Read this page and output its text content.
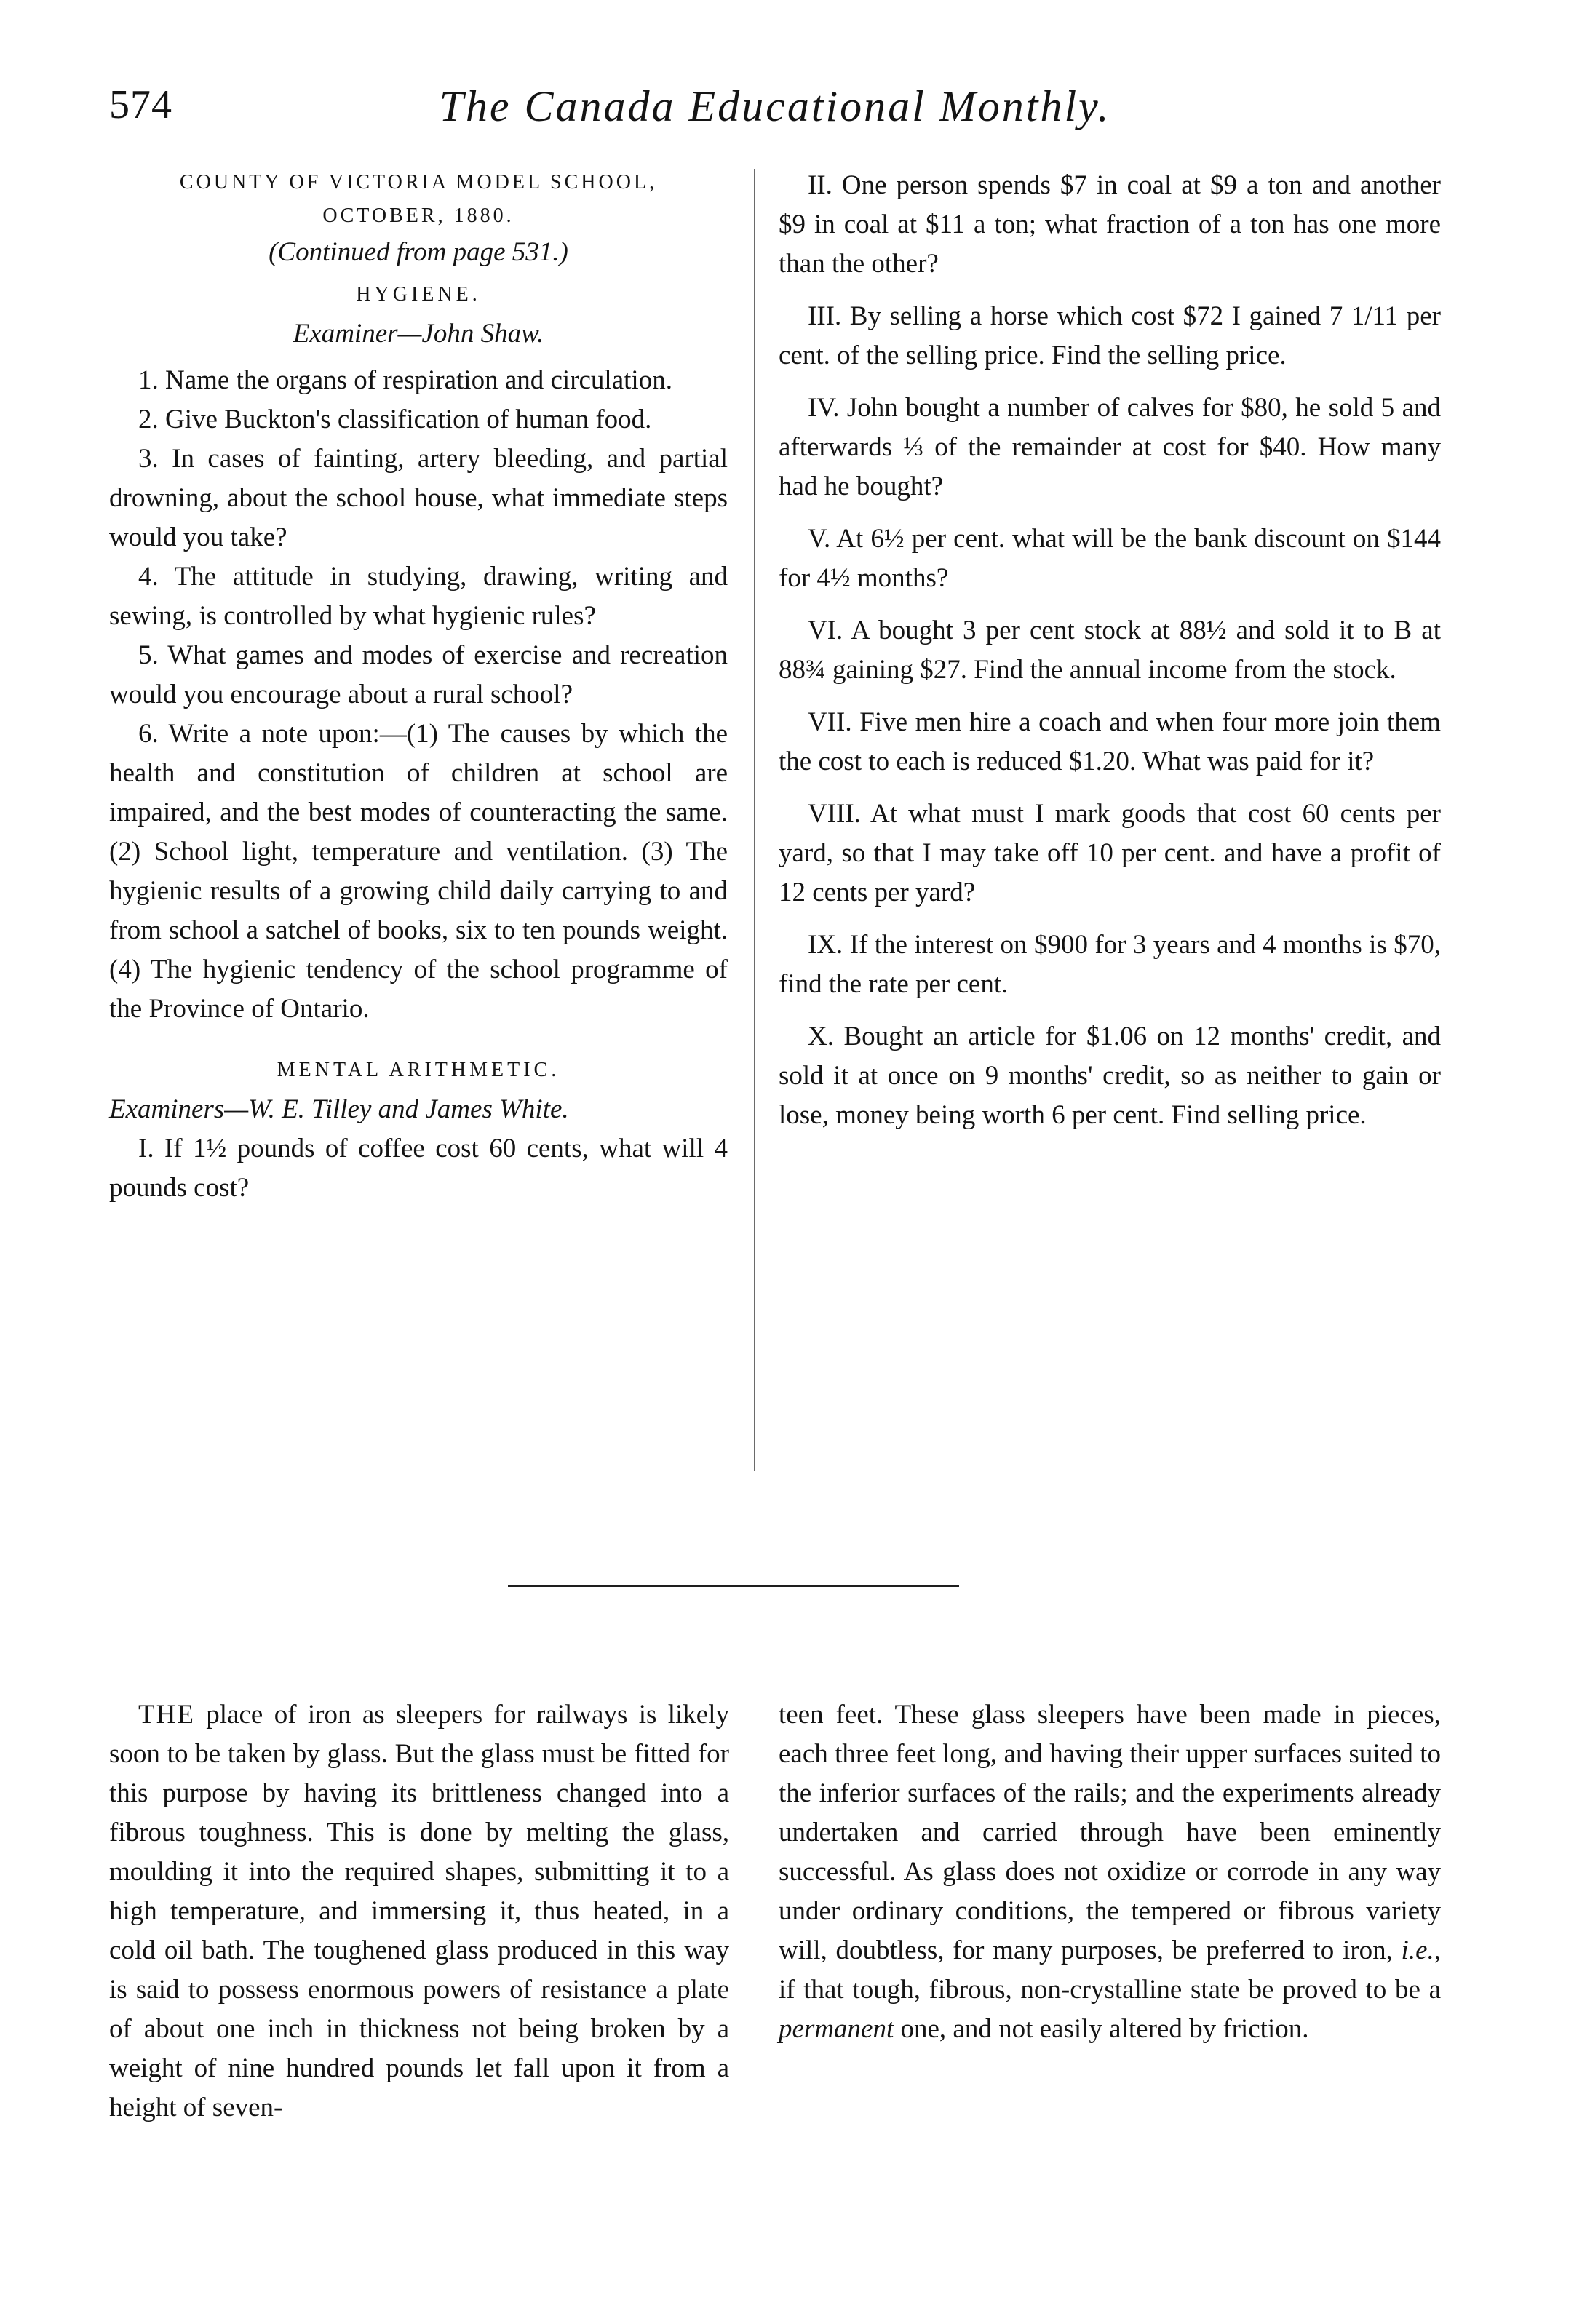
574	The Canada Educational Monthly.

COUNTY OF VICTORIA MODEL SCHOOL,

OCTOBER, 1880.

(Continued from page 531.)

HYGIENE.

Examiner—John Shaw.

1. Name the organs of respiration and circulation.

2. Give Buckton's classification of human food.

3. In cases of fainting, artery bleeding, and partial drowning, about the school house, what immediate steps would you take?

4. The attitude in studying, drawing, writing and sewing, is controlled by what hygienic rules?

5. What games and modes of exercise and recreation would you encourage about a rural school?

6. Write a note upon:—(1) The causes by which the health and constitution of children at school are impaired, and the best modes of counteracting the same. (2) School light, temperature and ventilation. (3) The hygienic results of a growing child daily carrying to and from school a satchel of books, six to ten pounds weight. (4) The hygienic tendency of the school programme of the Province of Ontario.

MENTAL ARITHMETIC.

Examiners—W. E. Tilley and James White.

I. If 1½ pounds of coffee cost 60 cents, what will 4 pounds cost?

II. One person spends $7 in coal at $9 a ton and another $9 in coal at $11 a ton; what fraction of a ton has one more than the other?

III. By selling a horse which cost $72 I gained 7 1/11 per cent. of the selling price. Find the selling price.

IV. John bought a number of calves for $80, he sold 5 and afterwards ⅓ of the remainder at cost for $40. How many had he bought?

V. At 6½ per cent. what will be the bank discount on $144 for 4½ months?

VI. A bought 3 per cent stock at 88½ and sold it to B at 88¾ gaining $27. Find the annual income from the stock.

VII. Five men hire a coach and when four more join them the cost to each is reduced $1.20. What was paid for it?

VIII. At what must I mark goods that cost 60 cents per yard, so that I may take off 10 per cent. and have a profit of 12 cents per yard?

IX. If the interest on $900 for 3 years and 4 months is $70, find the rate per cent.

X. Bought an article for $1.06 on 12 months' credit, and sold it at once on 9 months' credit, so as neither to gain or lose, money being worth 6 per cent. Find selling price.

THE place of iron as sleepers for railways is likely soon to be taken by glass. But the glass must be fitted for this purpose by having its brittleness changed into a fibrous toughness. This is done by melting the glass, moulding it into the required shapes, submitting it to a high temperature, and immersing it, thus heated, in a cold oil bath. The toughened glass produced in this way is said to possess enormous powers of resistance a plate of about one inch in thickness not being broken by a weight of nine hundred pounds let fall upon it from a height of seven-

teen feet. These glass sleepers have been made in pieces, each three feet long, and having their upper surfaces suited to the inferior surfaces of the rails; and the experiments already undertaken and carried through have been eminently successful. As glass does not oxidize or corrode in any way under ordinary conditions, the tempered or fibrous variety will, doubtless, for many purposes, be preferred to iron, i.e., if that tough, fibrous, non-crystalline state be proved to be a permanent one, and not easily altered by friction.
